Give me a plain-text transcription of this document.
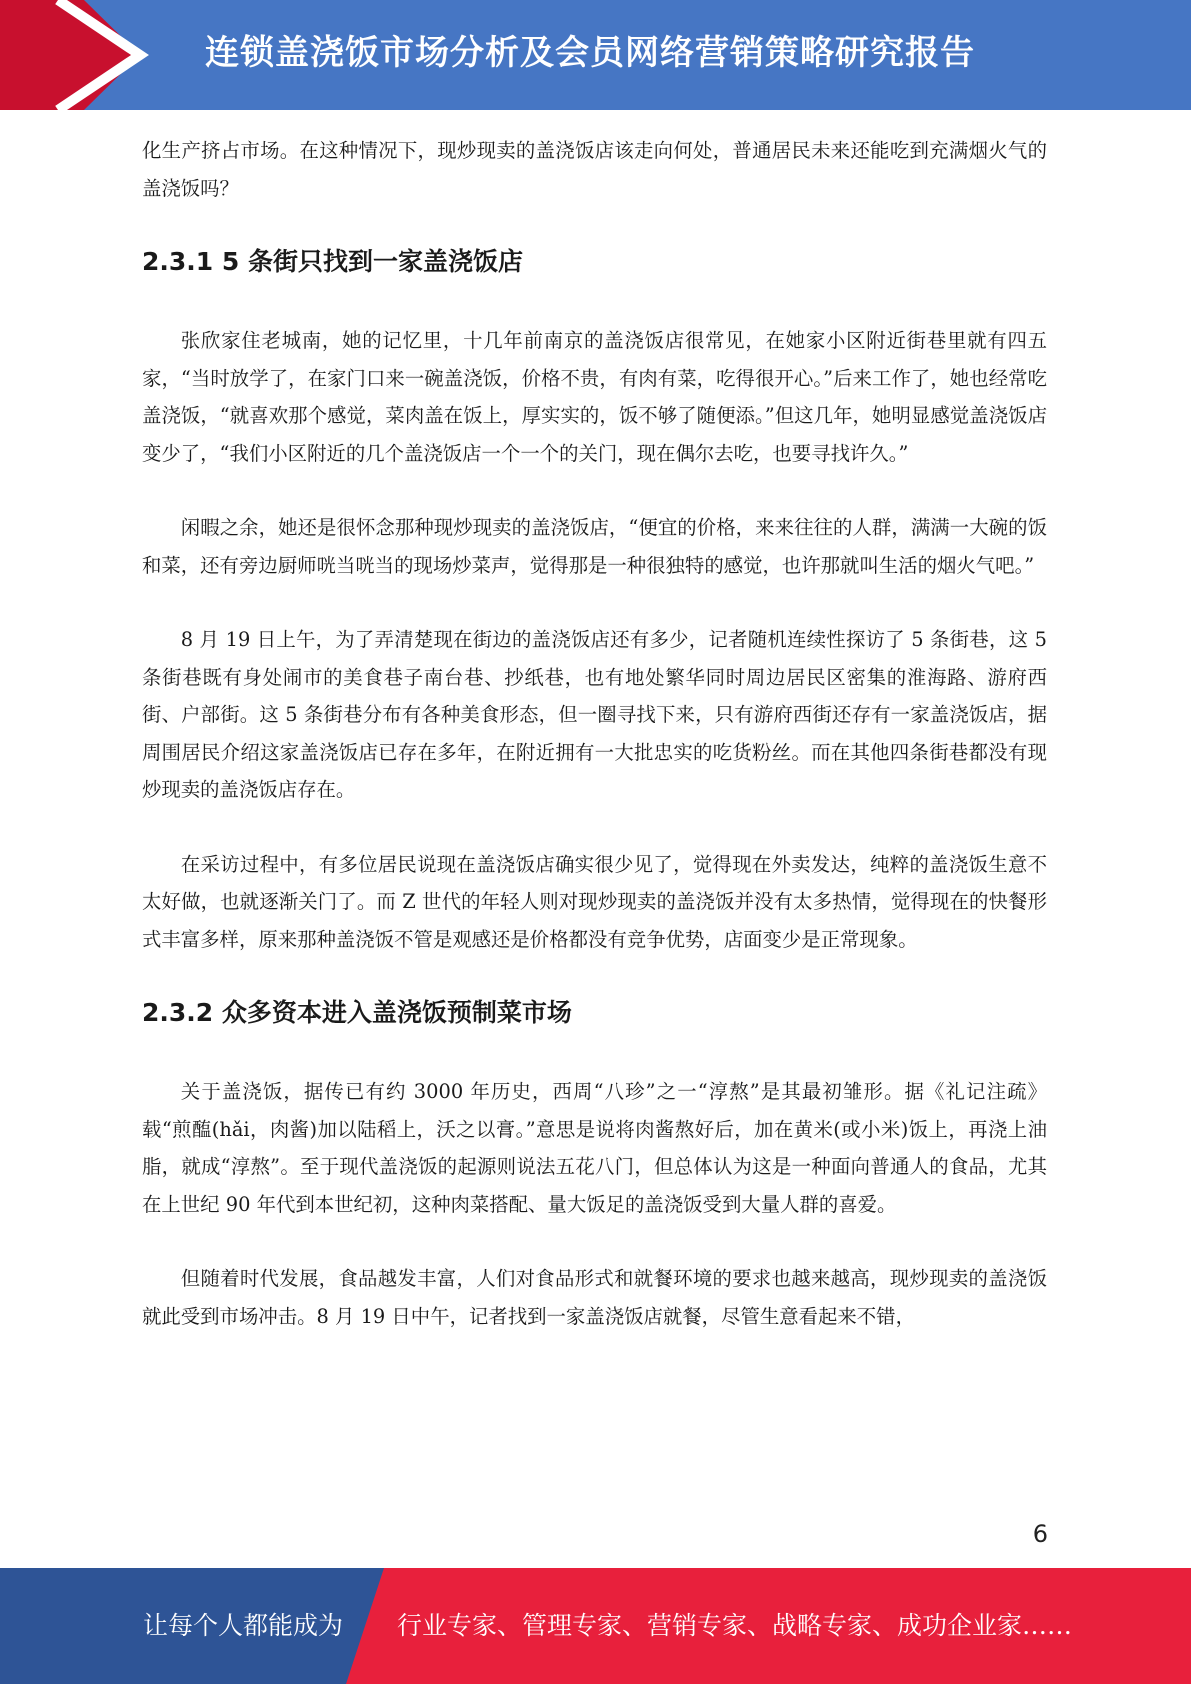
连锁盖浇饭市场分析及会员网络营销策略研究报告

化生产挤占市场。在这种情况下，现炒现卖的盖浇饭店该走向何处，普通居民未来还能吃到充满烟火气的盖浇饭吗？

2.3.1 5 条街只找到一家盖浇饭店

张欣家住老城南，她的记忆里，十几年前南京的盖浇饭店很常见，在她家小区附近街巷里就有四五家，“当时放学了，在家门口来一碗盖浇饭，价格不贵，有肉有菜，吃得很开心。”后来工作了，她也经常吃盖浇饭，“就喜欢那个感觉，菜肉盖在饭上，厚实实的，饭不够了随便添。”但这几年，她明显感觉盖浇饭店变少了，“我们小区附近的几个盖浇饭店一个一个的关门，现在偶尔去吃，也要寻找许久。”

闲暇之余，她还是很怀念那种现炒现卖的盖浇饭店，“便宜的价格，来来往往的人群，满满一大碗的饭和菜，还有旁边厨师咣当咣当的现场炒菜声，觉得那是一种很独特的感觉，也许那就叫生活的烟火气吧。”

8 月 19 日上午，为了弄清楚现在街边的盖浇饭店还有多少，记者随机连续性探访了 5 条街巷，这 5 条街巷既有身处闹市的美食巷子南台巷、抄纸巷，也有地处繁华同时周边居民区密集的淮海路、游府西街、户部街。这 5 条街巷分布有各种美食形态，但一圈寻找下来，只有游府西街还存有一家盖浇饭店，据周围居民介绍这家盖浇饭店已存在多年，在附近拥有一大批忠实的吃货粉丝。而在其他四条街巷都没有现炒现卖的盖浇饭店存在。

在采访过程中，有多位居民说现在盖浇饭店确实很少见了，觉得现在外卖发达，纯粹的盖浇饭生意不太好做，也就逐渐关门了。而 Z 世代的年轻人则对现炒现卖的盖浇饭并没有太多热情，觉得现在的快餐形式丰富多样，原来那种盖浇饭不管是观感还是价格都没有竞争优势，店面变少是正常现象。

2.3.2 众多资本进入盖浇饭预制菜市场

关于盖浇饭，据传已有约 3000 年历史，西周“八珍”之一“淳熬”是其最初雏形。据《礼记注疏》载“煎醢(hǎi，肉酱)加以陆稻上，沃之以膏。”意思是说将肉酱熬好后，加在黄米(或小米)饭上，再浇上油脂，就成“淳熬”。至于现代盖浇饭的起源则说法五花八门，但总体认为这是一种面向普通人的食品，尤其在上世纪 90 年代到本世纪初，这种肉菜搭配、量大饭足的盖浇饭受到大量人群的喜爱。

但随着时代发展，食品越发丰富，人们对食品形式和就餐环境的要求也越来越高，现炒现卖的盖浇饭就此受到市场冲击。8 月 19 日中午，记者找到一家盖浇饭店就餐，尽管生意看起来不错，

6
让每个人都能成为 行业专家、管理专家、营销专家、战略专家、成功企业家……
